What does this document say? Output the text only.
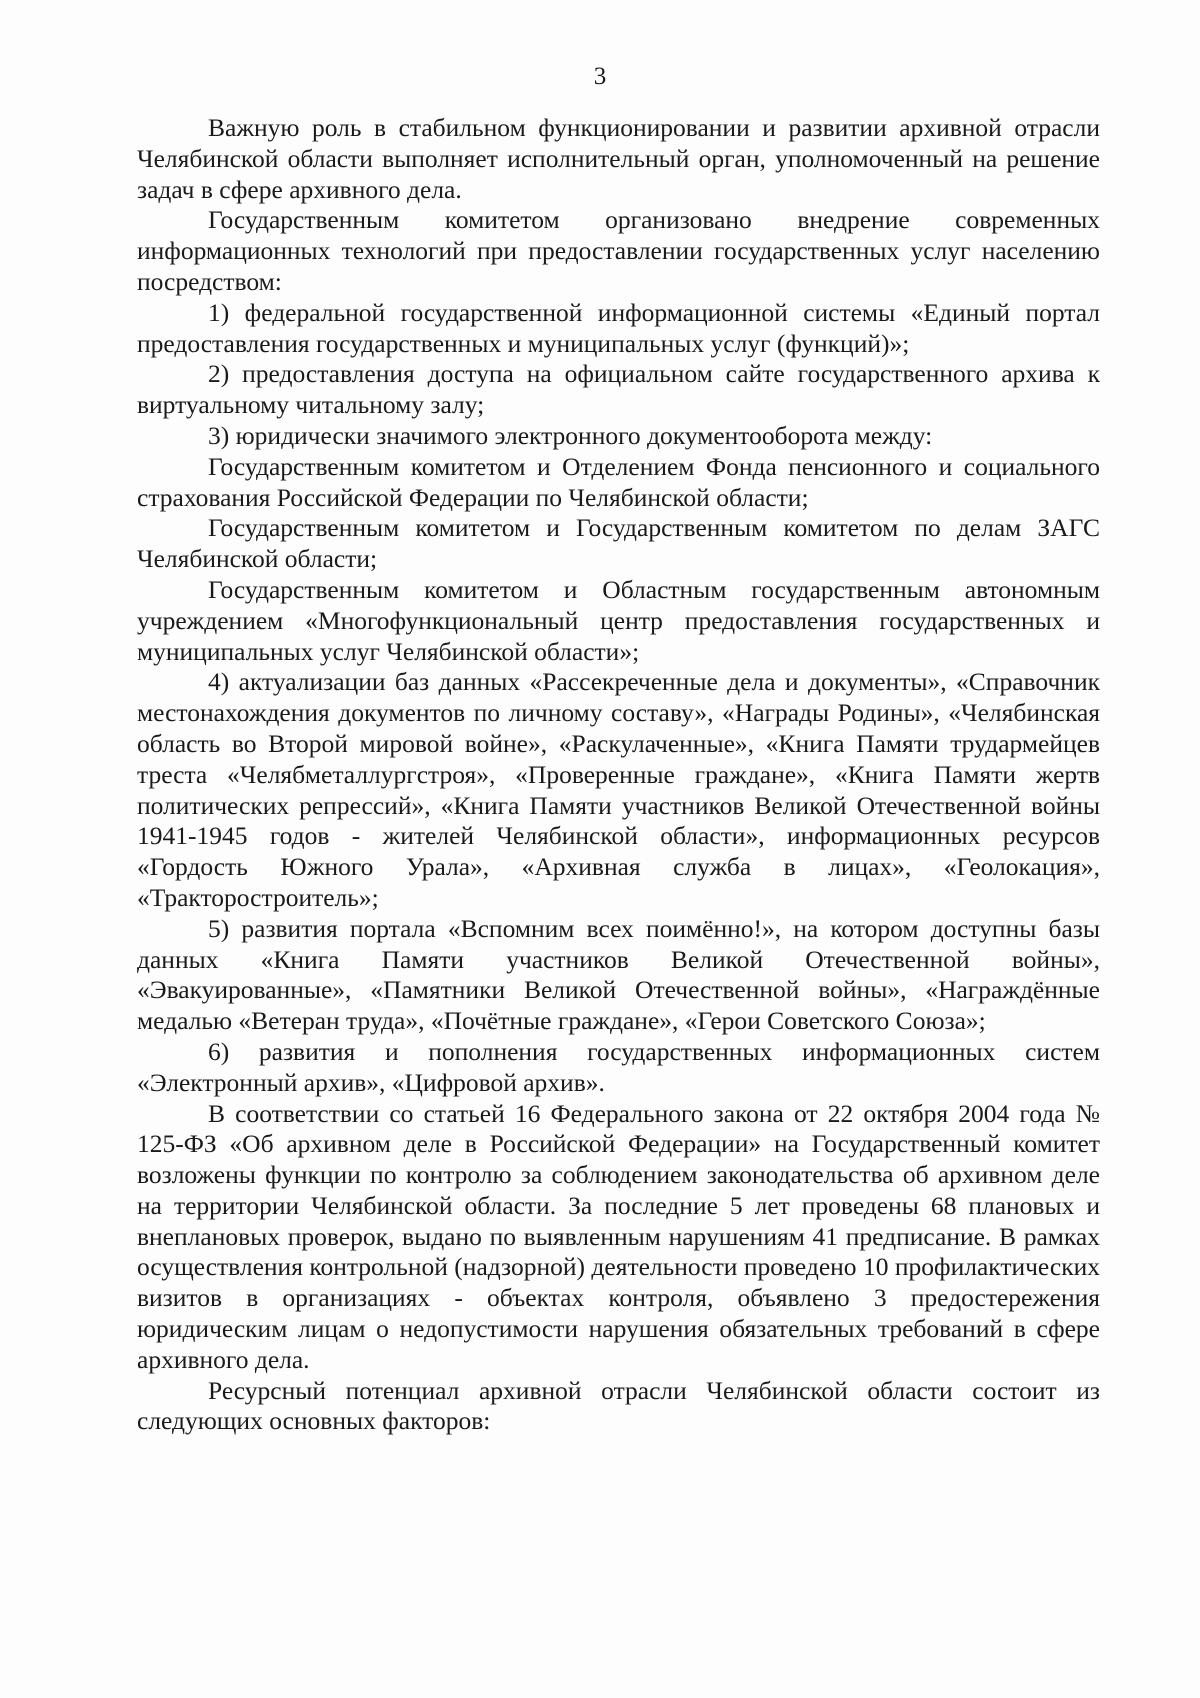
3

Важную роль в стабильном функционировании и развитии архивной отрасли Челябинской области выполняет исполнительный орган, уполномоченный на решение задач в сфере архивного дела.

Государственным комитетом организовано внедрение современных информационных технологий при предоставлении государственных услуг населению посредством:

1) федеральной государственной информационной системы «Единый портал предоставления государственных и муниципальных услуг (функций)»;

2) предоставления доступа на официальном сайте государственного архива к виртуальному читальному залу;

3) юридически значимого электронного документооборота между:

Государственным комитетом и Отделением Фонда пенсионного и социального страхования Российской Федерации по Челябинской области;

Государственным комитетом и Государственным комитетом по делам ЗАГС Челябинской области;

Государственным комитетом и Областным государственным автономным учреждением «Многофункциональный центр предоставления государственных и муниципальных услуг Челябинской области»;

4) актуализации баз данных «Рассекреченные дела и документы», «Справочник местонахождения документов по личному составу», «Награды Родины», «Челябинская область во Второй мировой войне», «Раскулаченные», «Книга Памяти трудармейцев треста «Челябметаллургстроя», «Проверенные граждане», «Книга Памяти жертв политических репрессий», «Книга Памяти участников Великой Отечественной войны 1941-1945 годов - жителей Челябинской области», информационных ресурсов «Гордость Южного Урала», «Архивная служба в лицах», «Геолокация», «Тракторостроитель»;

5) развития портала «Вспомним всех поимённо!», на котором доступны базы данных «Книга Памяти участников Великой Отечественной войны», «Эвакуированные», «Памятники Великой Отечественной войны», «Награждённые медалью «Ветеран труда», «Почётные граждане», «Герои Советского Союза»;

6) развития и пополнения государственных информационных систем «Электронный архив», «Цифровой архив».

В соответствии со статьей 16 Федерального закона от 22 октября 2004 года № 125-ФЗ «Об архивном деле в Российской Федерации» на Государственный комитет возложены функции по контролю за соблюдением законодательства об архивном деле на территории Челябинской области. За последние 5 лет проведены 68 плановых и внеплановых проверок, выдано по выявленным нарушениям 41 предписание. В рамках осуществления контрольной (надзорной) деятельности проведено 10 профилактических визитов в организациях - объектах контроля, объявлено 3 предостережения юридическим лицам о недопустимости нарушения обязательных требований в сфере архивного дела.

Ресурсный потенциал архивной отрасли Челябинской области состоит из следующих основных факторов:
